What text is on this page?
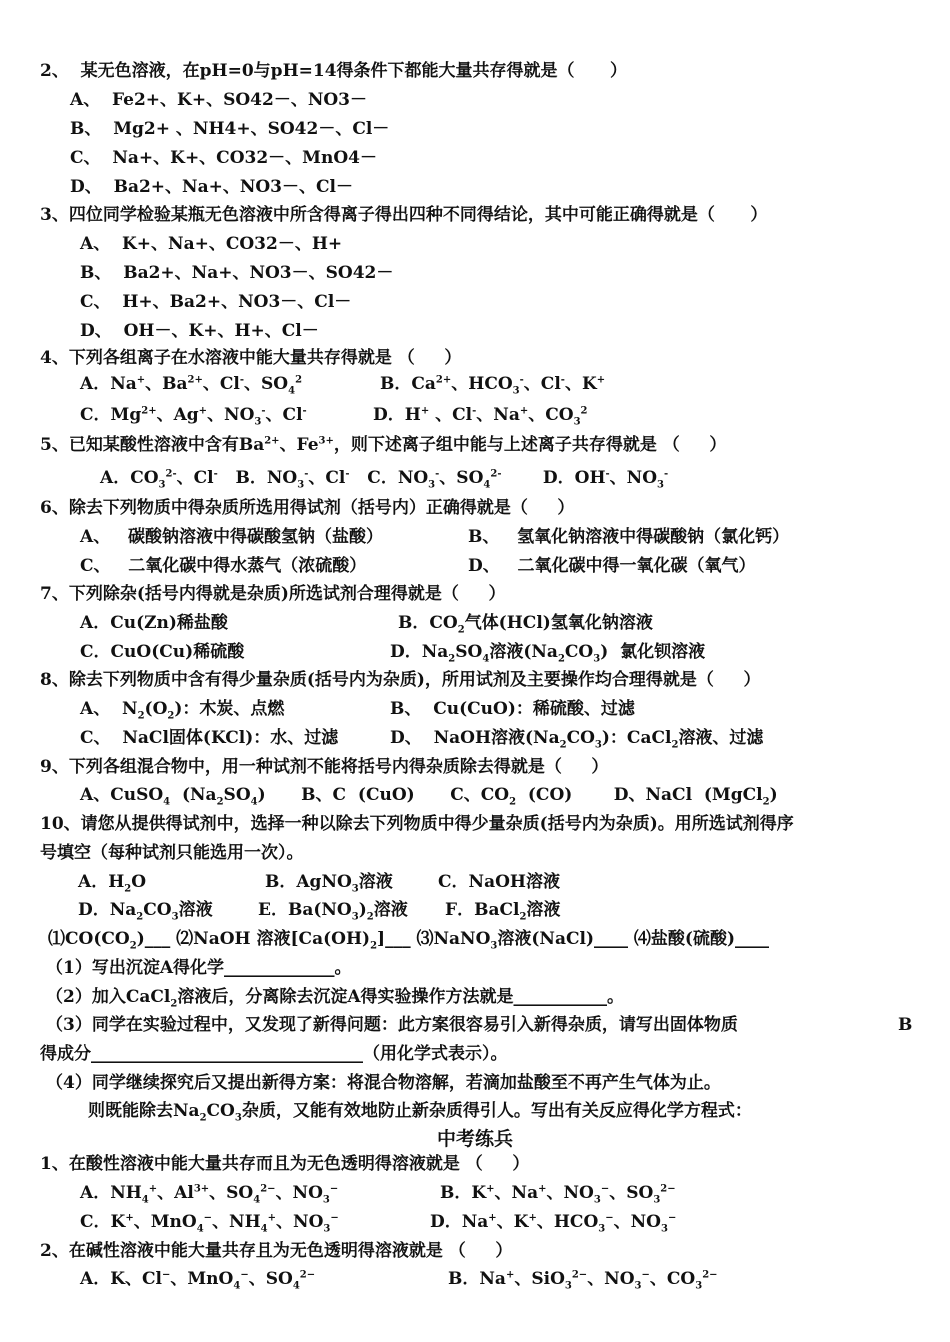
2、  某无色溶液，在pH=0与pH=14得条件下都能大量共存得就是（      ）
A、  Fe2+、K+、SO42－、NO3－
B、  Mg2+ 、NH4+、SO42－、Cl－
C、  Na+、K+、CO32－、MnO4－
D、  Ba2+、Na+、NO3－、Cl－
3、四位同学检验某瓶无色溶液中所含得离子得出四种不同得结论，其中可能正确得就是（      ）
A、  K+、Na+、CO32－、H+
B、  Ba2+、Na+、NO3－、SO42－
C、  H+、Ba2+、NO3－、Cl－
D、  OH－、K+、H+、Cl－
4、下列各组离子在水溶液中能大量共存得就是 （     ）
A．Na+、$Ba^{2+}$、Cl-、$SO_4^2$	B．$Ca^{2+}$、$HCO_3^-$、Cl-、K+
C．$Mg^{2+}$、Ag+、$NO_3^-$、Cl-	D．H+ 、Cl-、Na+、$CO_3^2$
5、已知某酸性溶液中含有$Ba^{2+}$、$Fe^{3+}$，则下述离子组中能与上述离子共存得就是 （     ）
A．$CO_3^{2-}$、Cl-   B．$NO_3^-$、Cl-   C．$NO_3^-$、$SO_4^{2-}$       D．OH-、$NO_3^-$
6、除去下列物质中得杂质所选用得试剂（括号内）正确得就是（     ）
A、   碳酸钠溶液中得碳酸氢钠（盐酸）	B、   氢氧化钠溶液中得碳酸钠（氯化钙）
C、   二氧化碳中得水蒸气（浓硫酸）	D、   二氧化碳中得一氧化碳（氧气）
7、下列除杂(括号内得就是杂质)所选试剂合理得就是（     ）
A．Cu(Zn)稀盐酸	B．$CO_2$气体(HCl)氢氧化钠溶液
C．CuO(Cu)稀硫酸	D．$Na_2SO_4$溶液$(Na_2CO_3)$  氯化钡溶液
8、除去下列物质中含有得少量杂质(括号内为杂质)，所用试剂及主要操作均合理得就是（     ）
A、  $N_2(O_2)$：木炭、点燃	B、  Cu(CuO)：稀硫酸、过滤
C、  NaCl固体(KCl)：水、过滤	D、  NaOH溶液$(Na_2CO_3)$：CaCl$_2$溶液、过滤
9、下列各组混合物中，用一种试剂不能将括号内得杂质除去得就是（     ）
A、CuSO$_4$  $(Na_2SO_4)$      B、C  (CuO)      C、$CO_2$  (CO)       D、NaCl  (MgCl$_2$)
10、请您从提供得试剂中，选择一种以除去下列物质中得少量杂质(括号内为杂质)。用所选试剂得序
号填空（每种试剂只能选用一次）。
A．$H_2O$	B．AgNO$_3$溶液	C．NaOH溶液
D．$Na_2CO_3$溶液	E．$Ba(NO_3)_2$溶液 F．BaCl$_2$溶液
$⑴CO(CO_2)\_\_\_$ ⑵NaOH 溶液$[Ca(OH)_2]\_\_\_$ ⑶NaNO$_3$溶液(NaCl)____ ⑷盐酸(硫酸)____
（1）写出沉淀A得化学_____________。
（2）加入CaCl$_2$溶液后，分离除去沉淀A得实验操作方法就是___________。
（3）同学在实验过程中，又发现了新得问题：此方案很容易引入新得杂质，请写出固体物质	B
得成分________________________________（用化学式表示）。
（4）同学继续探究后又提出新得方案：将混合物溶解，若滴加盐酸至不再产生气体为止。
则既能除去$Na_2CO_3$杂质，又能有效地防止新杂质得引人。写出有关反应得化学方程式：
中考练兵
1、在酸性溶液中能大量共存而且为无色透明得溶液就是 （     ）
A．$NH_4^+$、$Al^{3+}$、$SO_4^{2-}$、$NO_3^-$	B．K+、Na+、$NO_3^-$、$SO_3^{2-}$
C．K+、MnO$_4$−、$NH_4^+$、$NO_3^-$	D．Na+、K+、$HCO_3^-$、$NO_3^-$
2、在碱性溶液中能大量共存且为无色透明得溶液就是 （     ）
A．K、Cl−、MnO$_4$−、$SO_4^{2-}$	B．Na+、SiO$_3^{2-}$、$NO_3^-$、$CO_3^{2-}$
